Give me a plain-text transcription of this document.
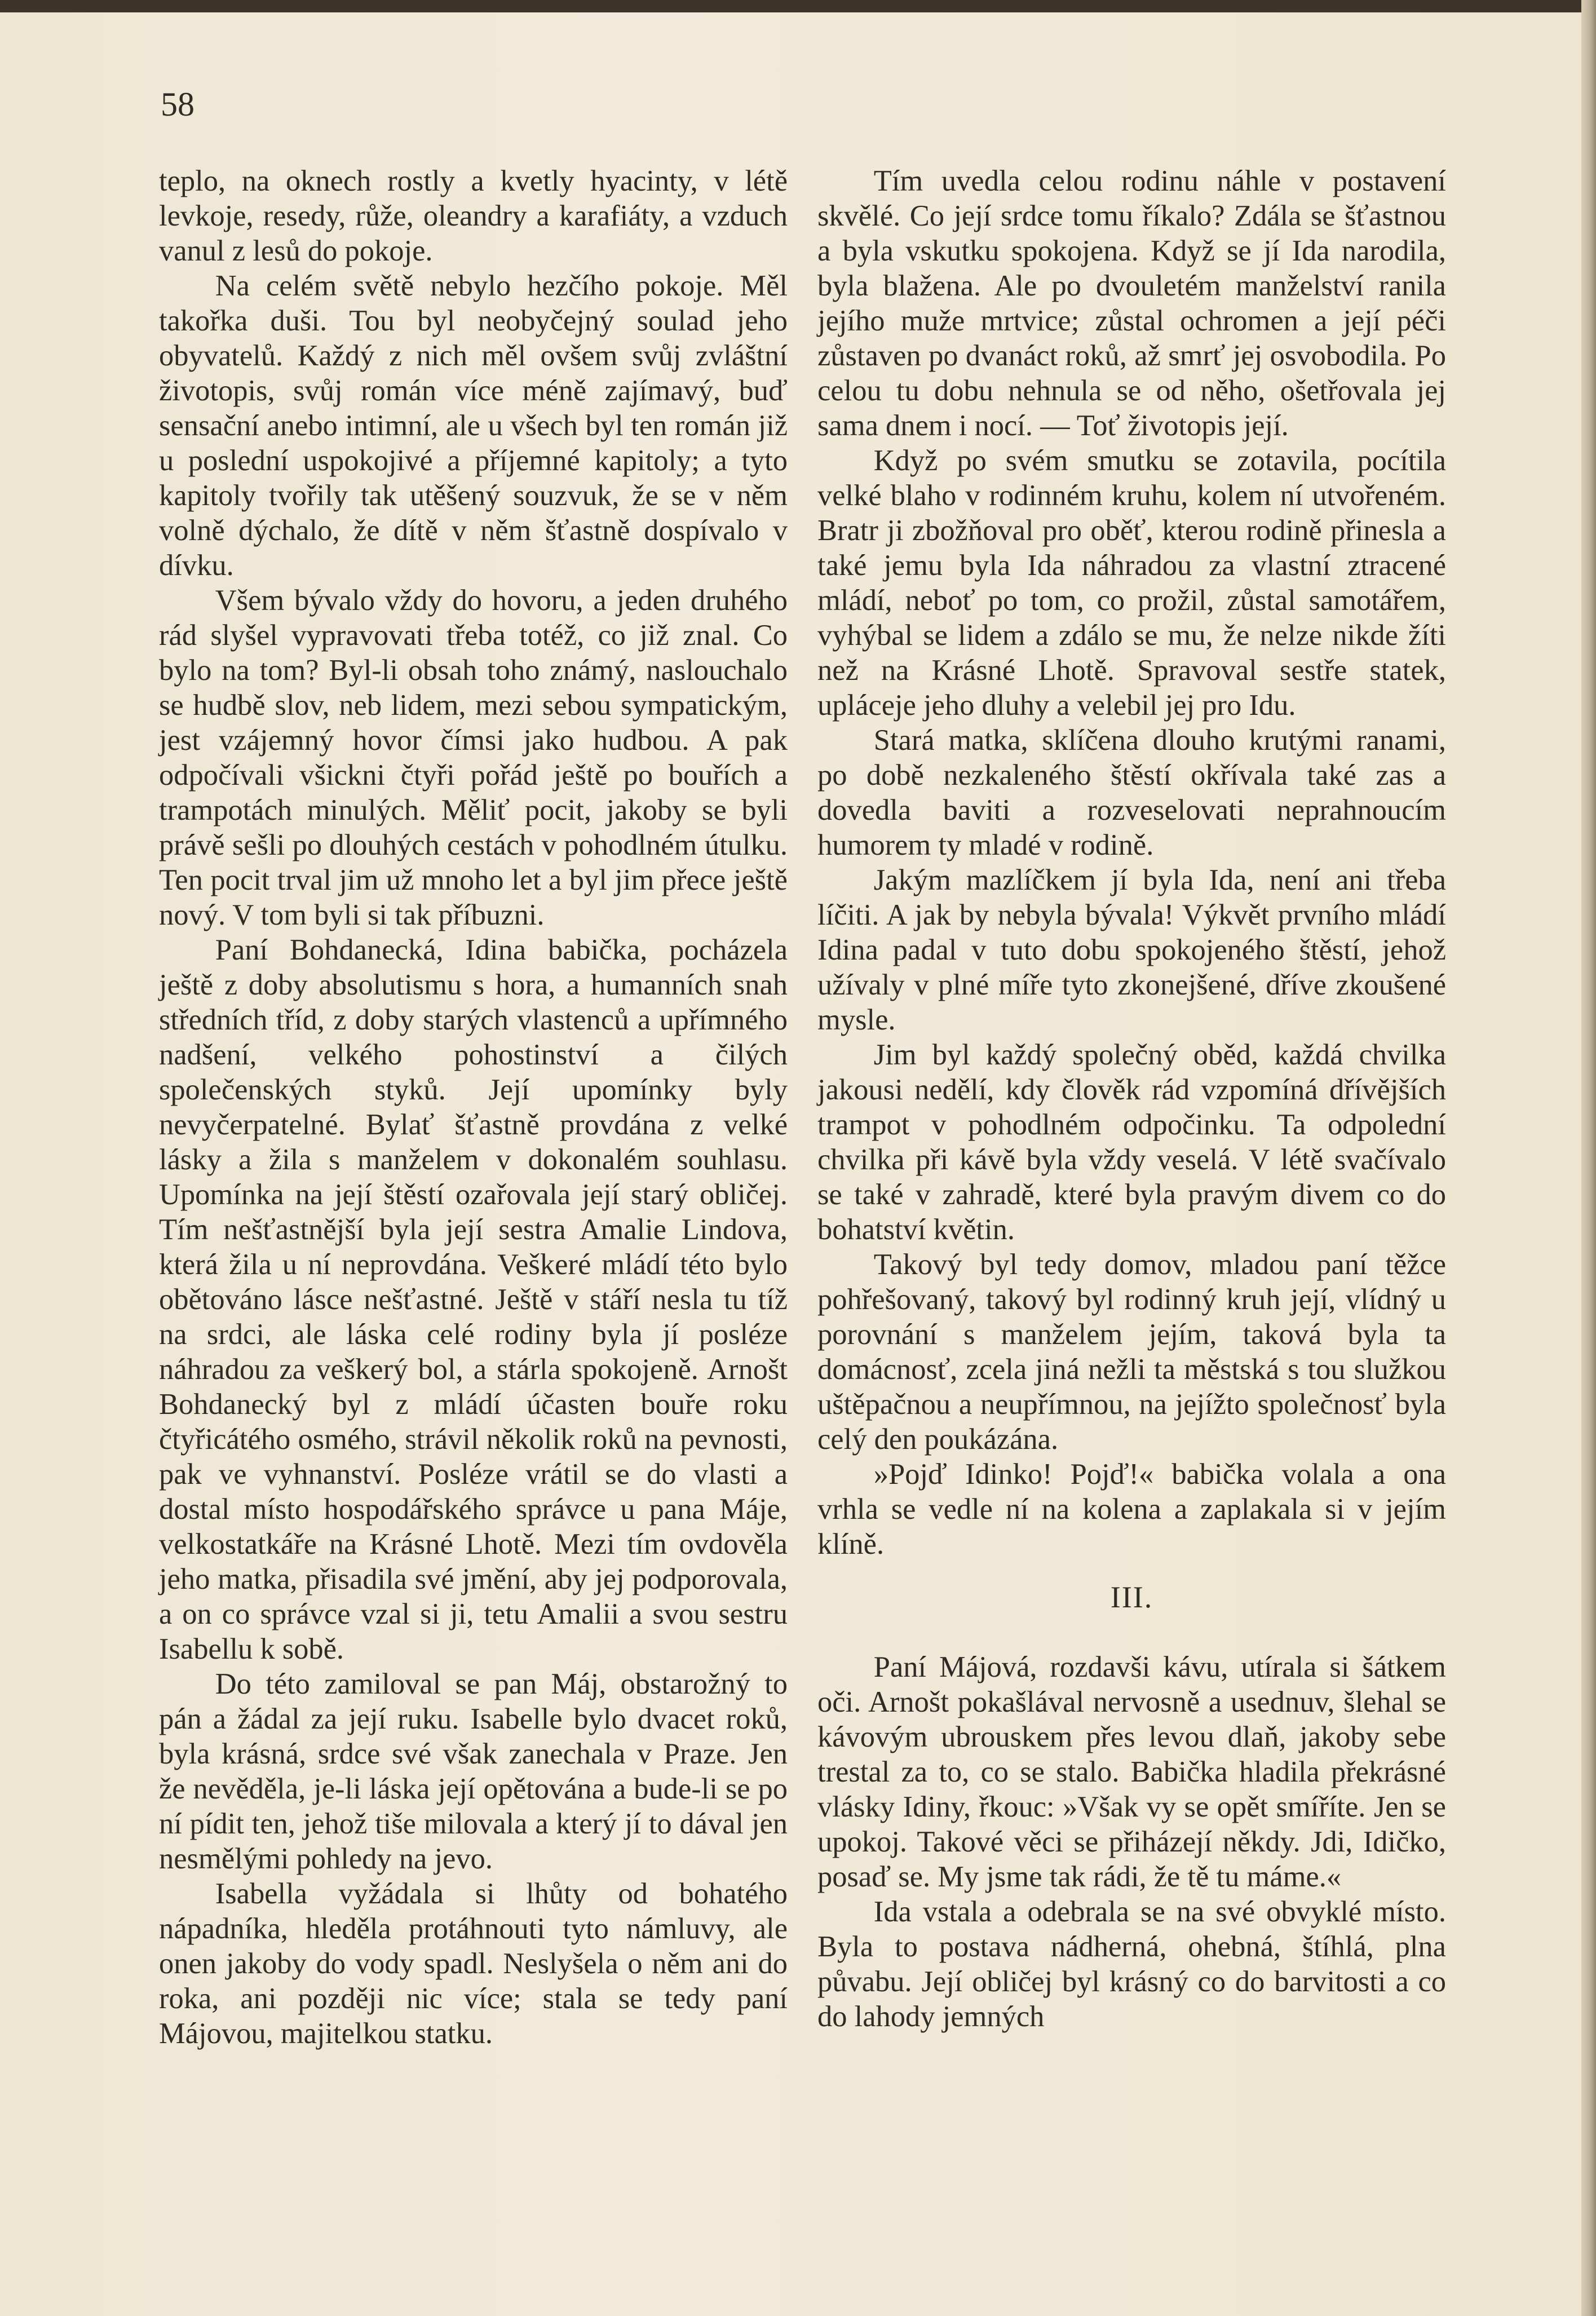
58

teplo, na oknech rostly a kvetly hyacinty, v létě levkoje, resedy, růže, oleandry a karafiáty, a vzduch vanul z lesů do pokoje.

Na celém světě nebylo hezčího pokoje. Měl takořka duši. Tou byl neobyčejný soulad jeho obyvatelů. Každý z nich měl ovšem svůj zvláštní životopis, svůj román více méně zajímavý, buď sensační anebo intimní, ale u všech byl ten román již u poslední uspokojivé a příjemné kapitoly; a tyto kapitoly tvořily tak utěšený souzvuk, že se v něm volně dýchalo, že dítě v něm šťastně dospívalo v dívku.

Všem bývalo vždy do hovoru, a jeden druhého rád slyšel vypravovati třeba totéž, co již znal. Co bylo na tom? Byl-li obsah toho známý, naslouchalo se hudbě slov, neb lidem, mezi sebou sympatickým, jest vzájemný hovor čímsi jako hudbou. A pak odpočívali všickni čtyři pořád ještě po bouřích a trampotách minulých. Měliť pocit, jakoby se byli právě sešli po dlouhých cestách v pohodlném útulku. Ten pocit trval jim už mnoho let a byl jim přece ještě nový. V tom byli si tak příbuzni.

Paní Bohdanecká, Idina babička, pocházela ještě z doby absolutismu s hora, a humanních snah středních tříd, z doby starých vlastenců a upřímného nadšení, velkého pohostinství a čilých společenských styků. Její upomínky byly nevyčerpatelné. Bylať šťastně provdána z velké lásky a žila s manželem v dokonalém souhlasu. Upomínka na její štěstí ozařovala její starý obličej. Tím nešťastnější byla její sestra Amalie Lindova, která žila u ní neprovdána. Veškeré mládí této bylo obětováno lásce nešťastné. Ještě v stáří nesla tu tíž na srdci, ale láska celé rodiny byla jí posléze náhradou za veškerý bol, a stárla spokojeně. Arnošt Bohdanecký byl z mládí účasten bouře roku čtyřicátého osmého, strávil několik roků na pevnosti, pak ve vyhnanství. Posléze vrátil se do vlasti a dostal místo hospodářského správce u pana Máje, velkostatkáře na Krásné Lhotě. Mezi tím ovdověla jeho matka, přisadila své jmění, aby jej podporovala, a on co správce vzal si ji, tetu Amalii a svou sestru Isabellu k sobě.

Do této zamiloval se pan Máj, obstarožný to pán a žádal za její ruku. Isabelle bylo dvacet roků, byla krásná, srdce své však zanechala v Praze. Jen že nevěděla, je-li láska její opětována a bude-li se po ní pídit ten, jehož tiše milovala a který jí to dával jen nesmělými pohledy na jevo.

Isabella vyžádala si lhůty od bohatého nápadníka, hleděla protáhnouti tyto námluvy, ale onen jakoby do vody spadl. Neslyšela o něm ani do roka, ani později nic více; stala se tedy paní Májovou, majitelkou statku.

Tím uvedla celou rodinu náhle v postavení skvělé. Co její srdce tomu říkalo? Zdála se šťastnou a byla vskutku spokojena. Když se jí Ida narodila, byla blažena. Ale po dvouletém manželství ranila jejího muže mrtvice; zůstal ochromen a její péči zůstaven po dvanáct roků, až smrť jej osvobodila. Po celou tu dobu nehnula se od něho, ošetřovala jej sama dnem i nocí. — Toť životopis její.

Když po svém smutku se zotavila, pocítila velké blaho v rodinném kruhu, kolem ní utvořeném. Bratr ji zbožňoval pro oběť, kterou rodině přinesla a také jemu byla Ida náhradou za vlastní ztracené mládí, neboť po tom, co prožil, zůstal samotářem, vyhýbal se lidem a zdálo se mu, že nelze nikde žíti než na Krásné Lhotě. Spravoval sestře statek, upláceje jeho dluhy a velebil jej pro Idu.

Stará matka, sklíčena dlouho krutými ranami, po době nezkaleného štěstí okřívala také zas a dovedla baviti a rozveselovati neprahnoucím humorem ty mladé v rodině.

Jakým mazlíčkem jí byla Ida, není ani třeba líčiti. A jak by nebyla bývala! Výkvět prvního mládí Idina padal v tuto dobu spokojeného štěstí, jehož užívaly v plné míře tyto zkonejšené, dříve zkoušené mysle.

Jim byl každý společný oběd, každá chvilka jakousi nedělí, kdy člověk rád vzpomíná dřívějších trampot v pohodlném odpočinku. Ta odpolední chvilka při kávě byla vždy veselá. V létě svačívalo se také v zahradě, které byla pravým divem co do bohatství květin.

Takový byl tedy domov, mladou paní těžce pohřešovaný, takový byl rodinný kruh její, vlídný u porovnání s manželem jejím, taková byla ta domácnosť, zcela jiná nežli ta městská s tou služkou uštěpačnou a neupřímnou, na jejížto společnosť byla celý den poukázána.

»Pojď Idinko! Pojď!« babička volala a ona vrhla se vedle ní na kolena a zaplakala si v jejím klíně.

III.

Paní Májová, rozdavši kávu, utírala si šátkem oči. Arnošt pokašlával nervosně a usednuv, šlehal se kávovým ubrouskem přes levou dlaň, jakoby sebe trestal za to, co se stalo. Babička hladila překrásné vlásky Idiny, řkouc: »Však vy se opět smíříte. Jen se upokoj. Takové věci se přiházejí někdy. Jdi, Idičko, posaď se. My jsme tak rádi, že tě tu máme.«

Ida vstala a odebrala se na své obvyklé místo. Byla to postava nádherná, ohebná, štíhlá, plna půvabu. Její obličej byl krásný co do barvitosti a co do lahody jemných
